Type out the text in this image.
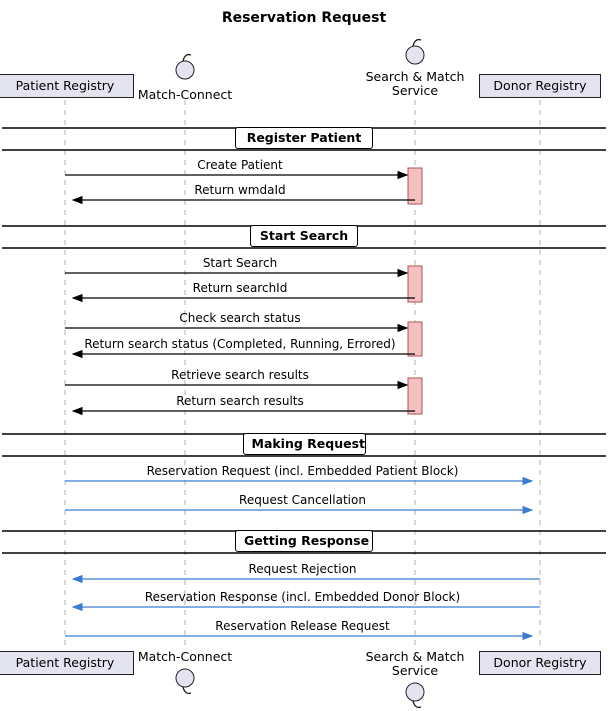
Reservation Request
Patient Registry
Match-Connect
Search & Match
Service	Donor Registry
Patient Registry	Match-Connect	Search & Match
Service
Donor Registry
Register Patient
Start Search
Making Request
Getting Response
Create Patient
Return wmdaId
Start Search
Return searchId
Check search status
Return search status (Completed, Running, Errored)
Retrieve search results
Return search results
Reservation Request (incl. Embedded Patient Block)
Request Cancellation
Request Rejection
Reservation Response (incl. Embedded Donor Block)
Reservation Release Request
